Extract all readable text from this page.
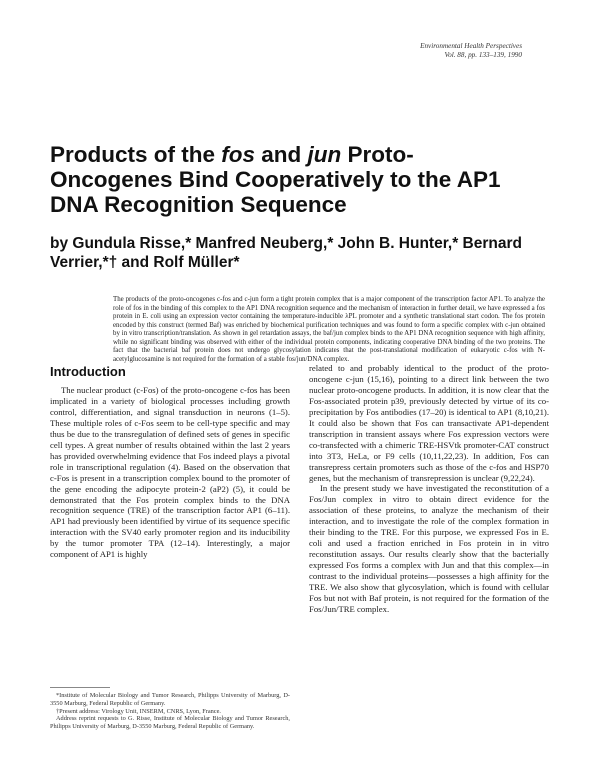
Environmental Health Perspectives
Vol. 88, pp. 133–139, 1990
Products of the fos and jun Proto-Oncogenes Bind Cooperatively to the AP1 DNA Recognition Sequence

by Gundula Risse,* Manfred Neuberg,* John B. Hunter,* Bernard Verrier,*† and Rolf Müller*

The products of the proto-oncogenes c-fos and c-jun form a tight protein complex that is a major component of the transcription factor AP1. To analyze the role of fos in the binding of this complex to the AP1 DNA recognition sequence and the mechanism of interaction in further detail, we have expressed a fos protein in E. coli using an expression vector containing the temperature-inducible λPL promoter and a synthetic translational start codon. The fos protein encoded by this construct (termed Baf) was enriched by biochemical purification techniques and was found to form a specific complex with c-jun obtained by in vitro transcription/translation. As shown in gel retardation assays, the baf/jun complex binds to the AP1 DNA recognition sequence with high affinity, while no significant binding was observed with either of the individual protein components, indicating cooperative DNA binding of the two proteins. The fact that the bacterial baf protein does not undergo glycosylation indicates that the post-translational modification of eukaryotic c-fos with N-acetylglucosamine is not required for the formation of a stable fos/jun/DNA complex.

Introduction

The nuclear product (c-Fos) of the proto-oncogene c-fos has been implicated in a variety of biological processes including growth control, differentiation, and signal transduction in neurons (1–5). These multiple roles of c-Fos seem to be cell-type specific and may thus be due to the transregulation of defined sets of genes in specific cell types. A great number of results obtained within the last 2 years has provided overwhelming evidence that Fos indeed plays a pivotal role in transcriptional regulation (4). Based on the observation that c-Fos is present in a transcription complex bound to the promoter of the gene encoding the adipocyte protein-2 (aP2) (5), it could be demonstrated that the Fos protein complex binds to the DNA recognition sequence (TRE) of the transcription factor AP1 (6–11). AP1 had previously been identified by virtue of its sequence specific interaction with the SV40 early promoter region and its inducibility by the tumor promoter TPA (12–14). Interestingly, a major component of AP1 is highly

related to and probably identical to the product of the proto-oncogene c-jun (15,16), pointing to a direct link between the two nuclear proto-oncogene products. In addition, it is now clear that the Fos-associated protein p39, previously detected by virtue of its co-precipitation by Fos antibodies (17–20) is identical to AP1 (8,10,21). It could also be shown that Fos can transactivate AP1-dependent transcription in transient assays where Fos expression vectors were co-transfected with a chimeric TRE-HSVtk promoter-CAT construct into 3T3, HeLa, or F9 cells (10,11,22,23). In addition, Fos can transrepress certain promoters such as those of the c-fos and HSP70 genes, but the mechanism of transrepression is unclear (9,22,24).

In the present study we have investigated the reconstitution of a Fos/Jun complex in vitro to obtain direct evidence for the association of these proteins, to analyze the mechanism of their interaction, and to investigate the role of the complex formation in their binding to the TRE. For this purpose, we expressed Fos in E. coli and used a fraction enriched in Fos protein in in vitro reconstitution assays. Our results clearly show that the bacterially expressed Fos forms a complex with Jun and that this complex—in contrast to the individual proteins—possesses a high affinity for the TRE. We also show that glycosylation, which is found with cellular Fos but not with Baf protein, is not required for the formation of the Fos/Jun/TRE complex.

*Institute of Molecular Biology and Tumor Research, Philipps University of Marburg, D-3550 Marburg, Federal Republic of Germany.
†Present address: Virology Unit, INSERM, CNRS, Lyon, France.
Address reprint requests to G. Risse, Institute of Molecular Biology and Tumor Research, Philipps University of Marburg, D-3550 Marburg, Federal Republic of Germany.
